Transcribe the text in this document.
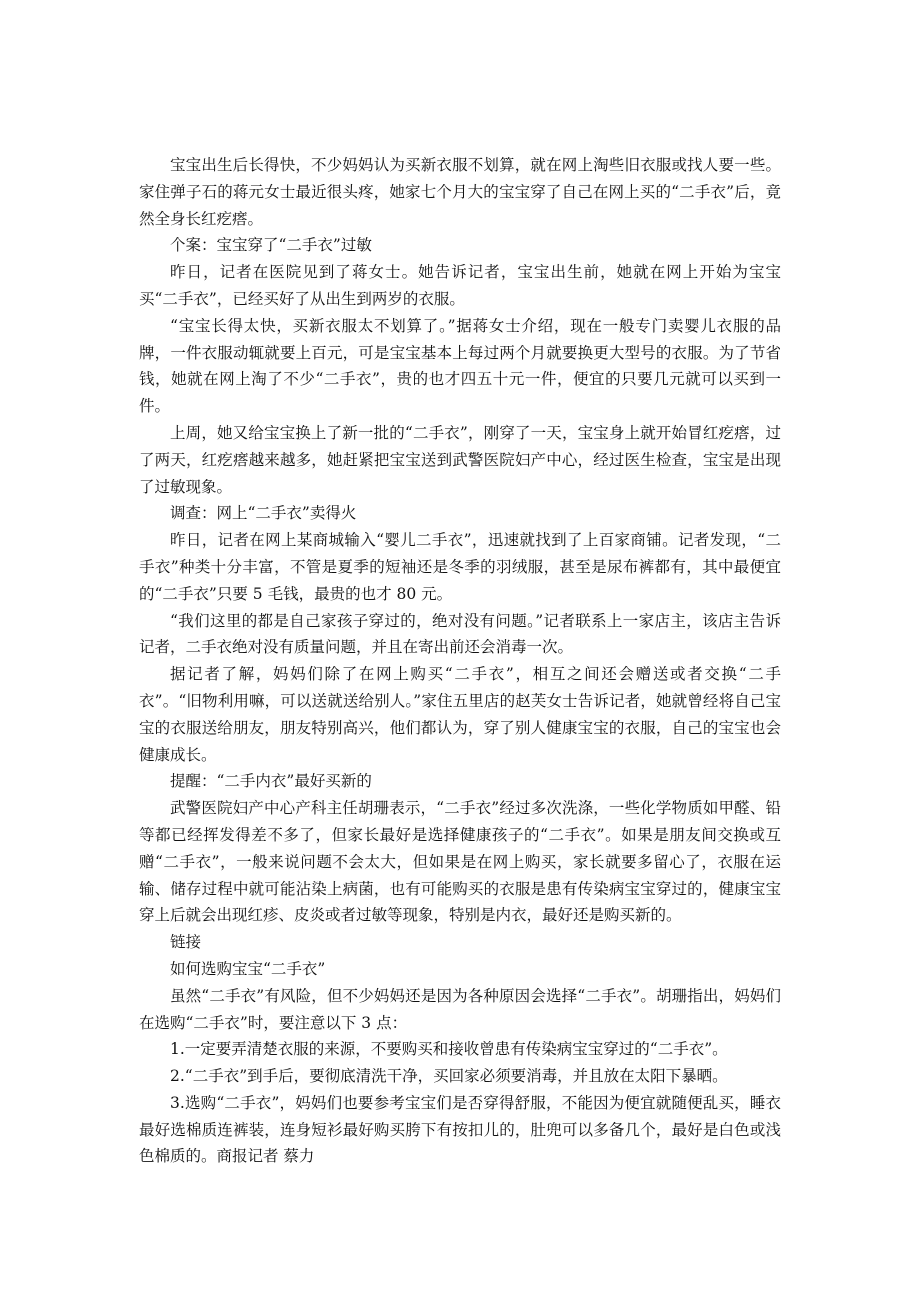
宝宝出生后长得快，不少妈妈认为买新衣服不划算，就在网上淘些旧衣服或找人要一些。家住弹子石的蒋元女士最近很头疼，她家七个月大的宝宝穿了自己在网上买的“二手衣”后，竟然全身长红疙瘩。

个案：宝宝穿了“二手衣”过敏

昨日，记者在医院见到了蒋女士。她告诉记者，宝宝出生前，她就在网上开始为宝宝买“二手衣”，已经买好了从出生到两岁的衣服。

“宝宝长得太快，买新衣服太不划算了。”据蒋女士介绍，现在一般专门卖婴儿衣服的品牌，一件衣服动辄就要上百元，可是宝宝基本上每过两个月就要换更大型号的衣服。为了节省钱，她就在网上淘了不少“二手衣”，贵的也才四五十元一件，便宜的只要几元就可以买到一件。

上周，她又给宝宝换上了新一批的“二手衣”，刚穿了一天，宝宝身上就开始冒红疙瘩，过了两天，红疙瘩越来越多，她赶紧把宝宝送到武警医院妇产中心，经过医生检查，宝宝是出现了过敏现象。

调查：网上“二手衣”卖得火

昨日，记者在网上某商城输入“婴儿二手衣”，迅速就找到了上百家商铺。记者发现，“二手衣”种类十分丰富，不管是夏季的短袖还是冬季的羽绒服，甚至是尿布裤都有，其中最便宜的“二手衣”只要 5 毛钱，最贵的也才 80 元。

“我们这里的都是自己家孩子穿过的，绝对没有问题。”记者联系上一家店主，该店主告诉记者，二手衣绝对没有质量问题，并且在寄出前还会消毒一次。

据记者了解，妈妈们除了在网上购买“二手衣”，相互之间还会赠送或者交换“二手衣”。“旧物利用嘛，可以送就送给别人。”家住五里店的赵芙女士告诉记者，她就曾经将自己宝宝的衣服送给朋友，朋友特别高兴，他们都认为，穿了别人健康宝宝的衣服，自己的宝宝也会健康成长。

提醒：“二手内衣”最好买新的

武警医院妇产中心产科主任胡珊表示，“二手衣”经过多次洗涤，一些化学物质如甲醛、铅等都已经挥发得差不多了，但家长最好是选择健康孩子的“二手衣”。如果是朋友间交换或互赠“二手衣”，一般来说问题不会太大，但如果是在网上购买，家长就要多留心了，衣服在运输、储存过程中就可能沾染上病菌，也有可能购买的衣服是患有传染病宝宝穿过的，健康宝宝穿上后就会出现红疹、皮炎或者过敏等现象，特别是内衣，最好还是购买新的。

链接

如何选购宝宝“二手衣”

虽然“二手衣”有风险，但不少妈妈还是因为各种原因会选择“二手衣”。胡珊指出，妈妈们在选购“二手衣”时，要注意以下 3 点：

1.一定要弄清楚衣服的来源，不要购买和接收曾患有传染病宝宝穿过的“二手衣”。

2.“二手衣”到手后，要彻底清洗干净，买回家必须要消毒，并且放在太阳下暴晒。

3.选购“二手衣”，妈妈们也要参考宝宝们是否穿得舒服，不能因为便宜就随便乱买，睡衣最好选棉质连裤装，连身短衫最好购买胯下有按扣儿的，肚兜可以多备几个，最好是白色或浅色棉质的。商报记者 蔡力
